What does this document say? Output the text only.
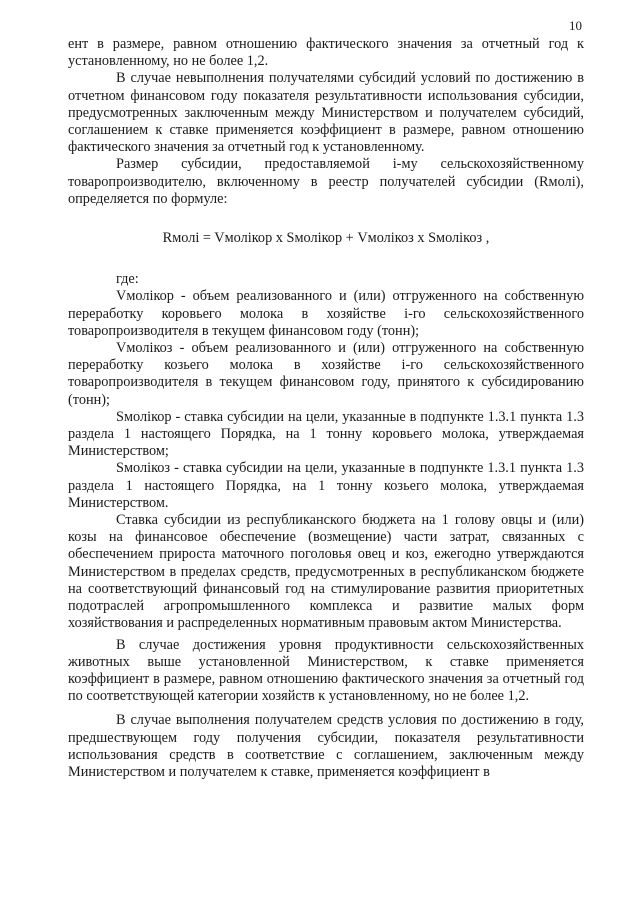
10

ент в размере, равном отношению фактического значения за отчетный год к установленному, но не более 1,2.

В случае невыполнения получателями субсидий условий по достижению в отчетном финансовом году показателя результативности использования субсидии, предусмотренных заключенным между Министерством и получателем субсидий, соглашением к ставке применяется коэффициент в размере, равном отношению фактического значения за отчетный год к установленному.

Размер субсидии, предоставляемой i-му сельскохозяйственному товаропроизводителю, включенному в реестр получателей субсидии (Rмолi), определяется по формуле:

Rмолi = Vмолiкор x Sмолiкор + Vмолiкоз x Sмолiкоз ,

где:

Vмолiкор - объем реализованного и (или) отгруженного на собственную переработку коровьего молока в хозяйстве i-го сельскохозяйственного товаропроизводителя в текущем финансовом году (тонн);

Vмолiкоз - объем реализованного и (или) отгруженного на собственную переработку козьего молока в хозяйстве i-го сельскохозяйственного товаропроизводителя в текущем финансовом году, принятого к субсидированию (тонн);

Sмолiкор - ставка субсидии на цели, указанные в подпункте 1.3.1 пункта 1.3 раздела 1 настоящего Порядка, на 1 тонну коровьего молока, утверждаемая Министерством;

Sмолiкоз - ставка субсидии на цели, указанные в подпункте 1.3.1 пункта 1.3 раздела 1 настоящего Порядка, на 1 тонну козьего молока, утверждаемая Министерством.

Ставка субсидии из республиканского бюджета на 1 голову овцы и (или) козы на финансовое обеспечение (возмещение) части затрат, связанных с обеспечением прироста маточного поголовья овец и коз, ежегодно утверждаются Министерством в пределах средств, предусмотренных в республиканском бюджете на соответствующий финансовый год на стимулирование развития приоритетных подотраслей агропромышленного комплекса и развитие малых форм хозяйствования и распределенных нормативным правовым актом Министерства.

В случае достижения уровня продуктивности сельскохозяйственных животных выше установленной Министерством, к ставке применяется коэффициент в размере, равном отношению фактического значения за отчетный год по соответствующей категории хозяйств к установленному, но не более 1,2.

В случае выполнения получателем средств условия по достижению в году, предшествующем году получения субсидии, показателя результативности использования средств в соответствие с соглашением, заключенным между Министерством и получателем к ставке, применяется коэффициент в
